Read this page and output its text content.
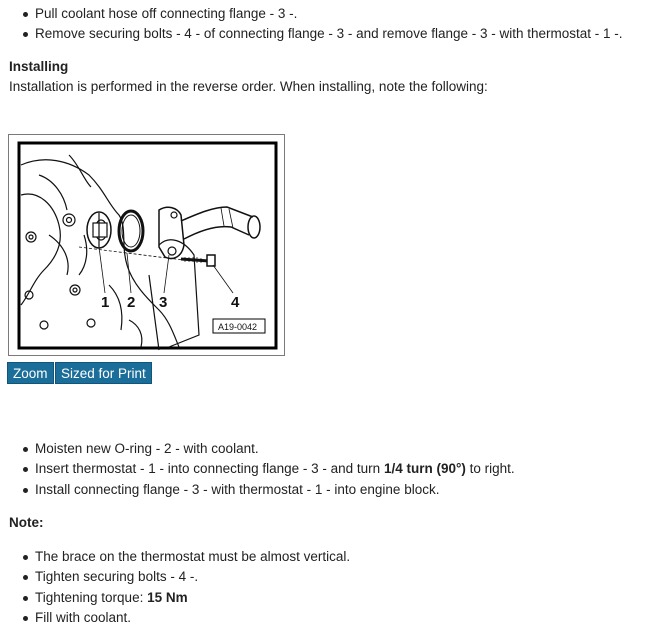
Pull coolant hose off connecting flange - 3 -.
Remove securing bolts - 4 - of connecting flange - 3 - and remove flange - 3 - with thermostat - 1 -.
Installing
Installation is performed in the reverse order. When installing, note the following:
1 2 3	4
A19-0042
Zoom Sized for Print
Moisten new O-ring - 2 - with coolant.
Insert thermostat - 1 - into connecting flange - 3 - and turn 1/4 turn (90°) to right.
Install connecting flange - 3 - with thermostat - 1 - into engine block.
Note:
The brace on the thermostat must be almost vertical.
Tighten securing bolts - 4 -.
Tightening torque: 15 Nm
Fill with coolant.
